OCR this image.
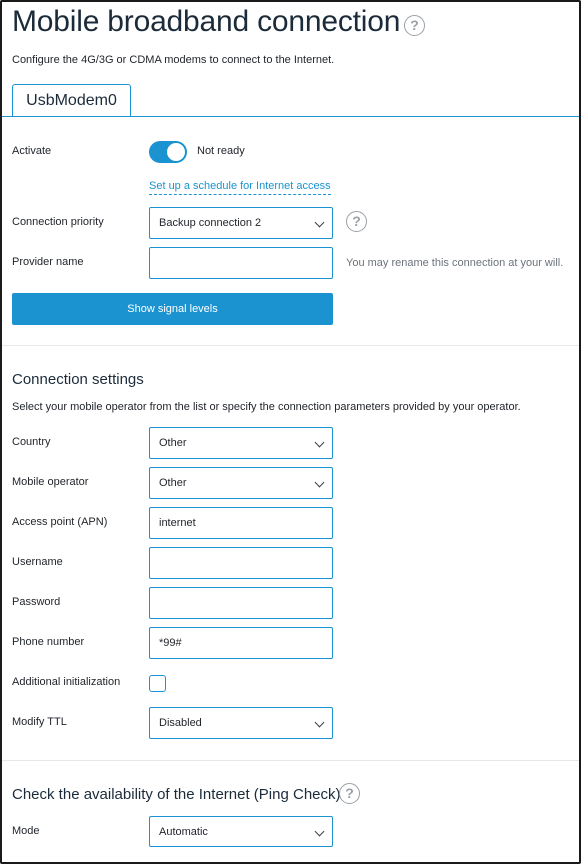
Mobile broadband connection ?
Configure the 4G/3G or CDMA modems to connect to the Internet.
UsbModem0
Activate	Not ready
Set up a schedule for Internet access
Connection priority	Backup connection 2	?
Provider name	You may rename this connection at your will.
Show signal levels
Connection settings
Select your mobile operator from the list or specify the connection parameters provided by your operator.
Country	Other
Mobile operator	Other
Access point (APN)	internet
Username
Password
Phone number	*99#
Additional initialization
Modify TTL	Disabled
Check the availability of the Internet (Ping Check) ?
Mode	Automatic
